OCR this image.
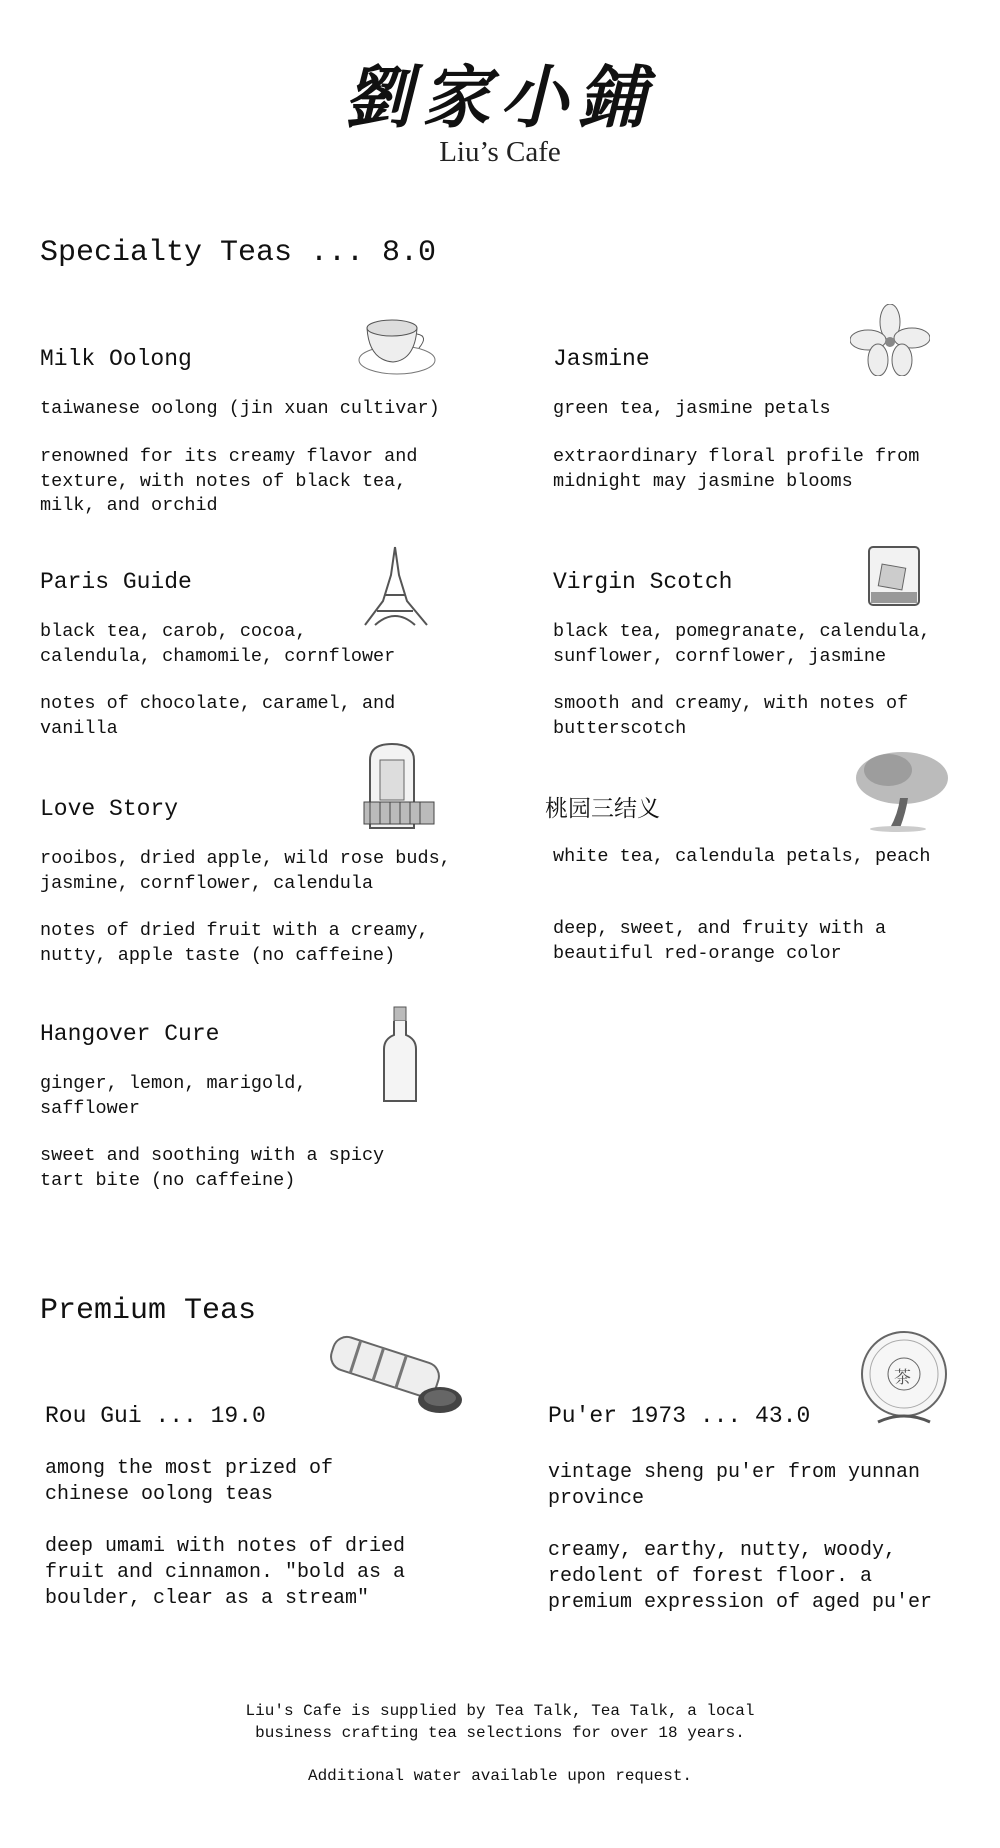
劉家小鋪
Liu’s Cafe
Specialty Teas ... 8.0
Milk Oolong
taiwanese oolong (jin xuan cultivar)
renowned for its creamy flavor and
texture, with notes of black tea,
milk, and orchid
Jasmine
green tea, jasmine petals
extraordinary floral profile from
midnight may jasmine blooms
Paris Guide
black tea, carob, cocoa,
calendula, chamomile, cornflower
notes of chocolate, caramel, and
vanilla
Virgin Scotch
black tea, pomegranate, calendula,
sunflower, cornflower, jasmine
smooth and creamy, with notes of
butterscotch
Love Story
rooibos, dried apple, wild rose buds,
jasmine, cornflower, calendula
notes of dried fruit with a creamy,
nutty, apple taste (no caffeine)
桃园三结义
white tea, calendula petals, peach
deep, sweet, and fruity with a
beautiful red-orange color
Hangover Cure
ginger, lemon, marigold,
safflower
sweet and soothing with a spicy
tart bite (no caffeine)
Premium Teas
Rou Gui ... 19.0
among the most prized of
chinese oolong teas
deep umami with notes of dried
fruit and cinnamon. "bold as a
boulder, clear as a stream"
Pu'er 1973 ... 43.0
vintage sheng pu'er from yunnan
province
creamy, earthy, nutty, woody,
redolent of forest floor. a
premium expression of aged pu'er
茶
Liu's Cafe is supplied by Tea Talk, Tea Talk, a local
business crafting tea selections for over 18 years.
Additional water available upon request.
